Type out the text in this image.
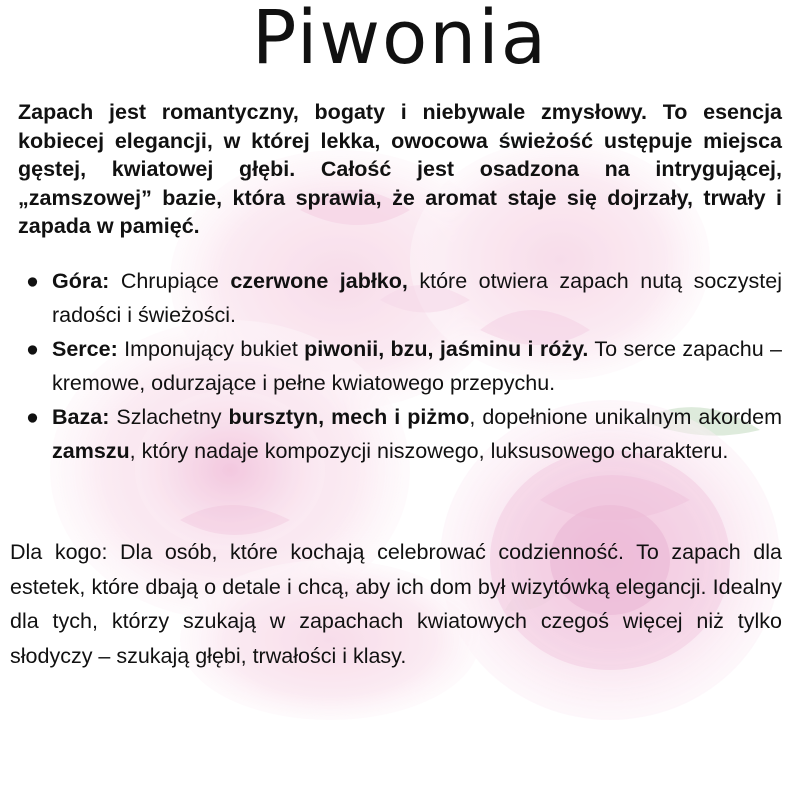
Piwonia

Zapach jest romantyczny, bogaty i niebywale zmysłowy. To esencja kobiecej elegancji, w której lekka, owocowa świeżość ustępuje miejsca gęstej, kwiatowej głębi. Całość jest osadzona na intrygującej, „zamszowej” bazie, która sprawia, że aromat staje się dojrzały, trwały i zapada w pamięć.

● Góra: Chrupiące czerwone jabłko, które otwiera zapach nutą soczystej radości i świeżości.
● Serce: Imponujący bukiet piwonii, bzu, jaśminu i róży. To serce zapachu – kremowe, odurzające i pełne kwiatowego przepychu.
● Baza: Szlachetny bursztyn, mech i piżmo, dopełnione unikalnym akordem zamszu, który nadaje kompozycji niszowego, luksusowego charakteru.

Dla kogo: Dla osób, które kochają celebrować codzienność. To zapach dla estetek, które dbają o detale i chcą, aby ich dom był wizytówką elegancji. Idealny dla tych, którzy szukają w zapachach kwiatowych czegoś więcej niż tylko słodyczy – szukają głębi, trwałości i klasy.
